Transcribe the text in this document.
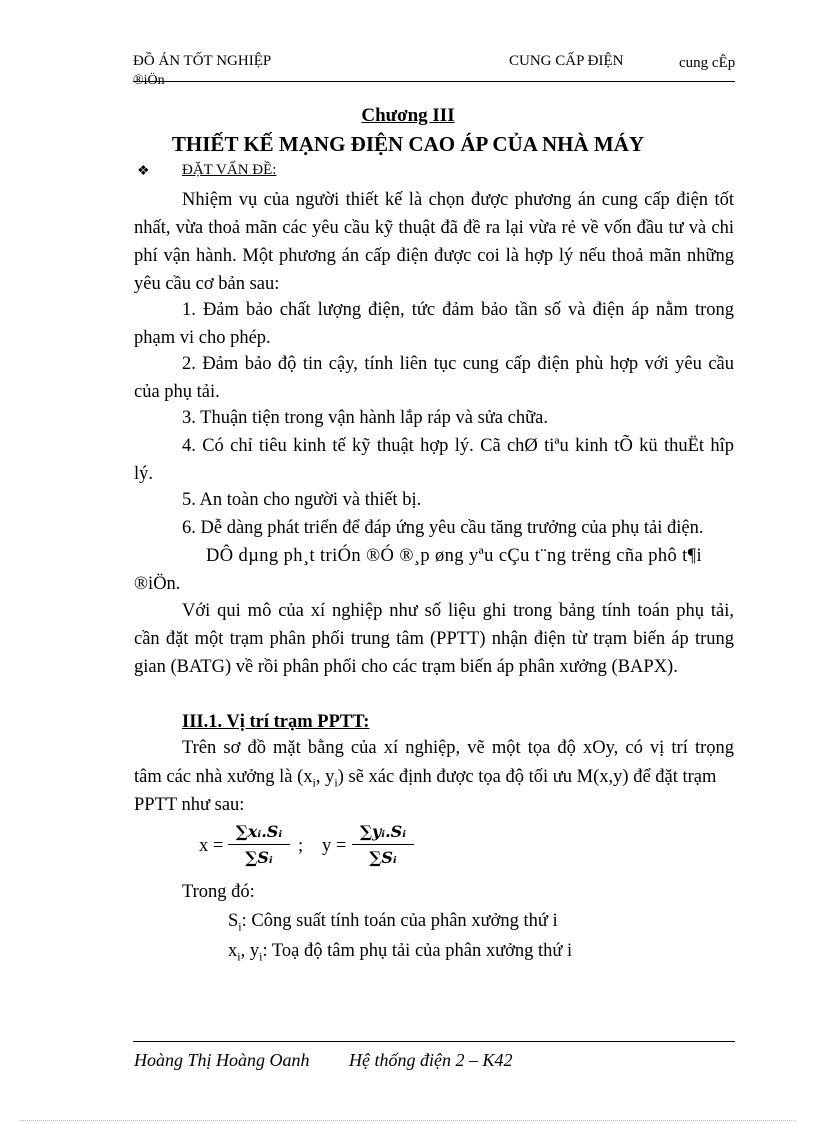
ĐỒ ÁN TỐT NGHIỆP	CUNG CẤP ĐIỆN	cung cÊp
®iÖn
Chương III
THIẾT KẾ MẠNG ĐIỆN CAO ÁP CỦA NHÀ MÁY
❖ ĐẶT VẤN ĐỀ:
Nhiệm vụ của người thiết kế là chọn được phương án cung cấp điện tốt
nhất, vừa thoả mãn các yêu cầu kỹ thuật đã đề ra lại vừa rẻ về vốn đầu tư và chi
phí vận hành. Một phương án cấp điện được coi là hợp lý nếu thoả mãn những
yêu cầu cơ bản sau:
1. Đảm bảo chất lượng điện, tức đảm bảo tần số và điện áp nằm trong
phạm vi cho phép.
2. Đảm bảo độ tin cậy, tính liên tục cung cấp điện phù hợp với yêu cầu
của phụ tải.
3. Thuận tiện trong vận hành lắp ráp và sửa chữa.
4. Có chỉ tiêu kinh tế kỹ thuật hợp lý. Cã chØ tiªu kinh tÕ kü thuËt hîp
lý.
5. An toàn cho người và thiết bị.
6. Dễ dàng phát triển để đáp ứng yêu cầu tăng trưởng của phụ tải điện.
DÔ dµng ph¸t triÓn ®Ó ®¸p øng yªu cÇu t¨ng trëng cña phô t¶i
®iÖn.
Với qui mô của xí nghiệp như số liệu ghi trong bảng tính toán phụ tải,
cần đặt một trạm phân phối trung tâm (PPTT) nhận điện từ trạm biến áp trung
gian (BATG) về rồi phân phối cho các trạm biến áp phân xưởng (BAPX).
III.1. Vị trí trạm PPTT:
Trên sơ đồ mặt bằng của xí nghiệp, vẽ một tọa độ xOy, có vị trí trọng
tâm các nhà xưởng là ($x_i$, $y_i$) sẽ xác định được tọa độ tối ưu M(x,y) để đặt trạm
PPTT như sau:
x =
∑xᵢ.Sᵢ
∑Sᵢ
; y =
∑yᵢ.Sᵢ
∑Sᵢ
Trong đó:
$S_i$: Công suất tính toán của phân xưởng thứ i
$x_i$, $y_i$: Toạ độ tâm phụ tải của phân xưởng thứ i
Hoàng Thị Hoàng Oanh Hệ thống điện 2 – K42
